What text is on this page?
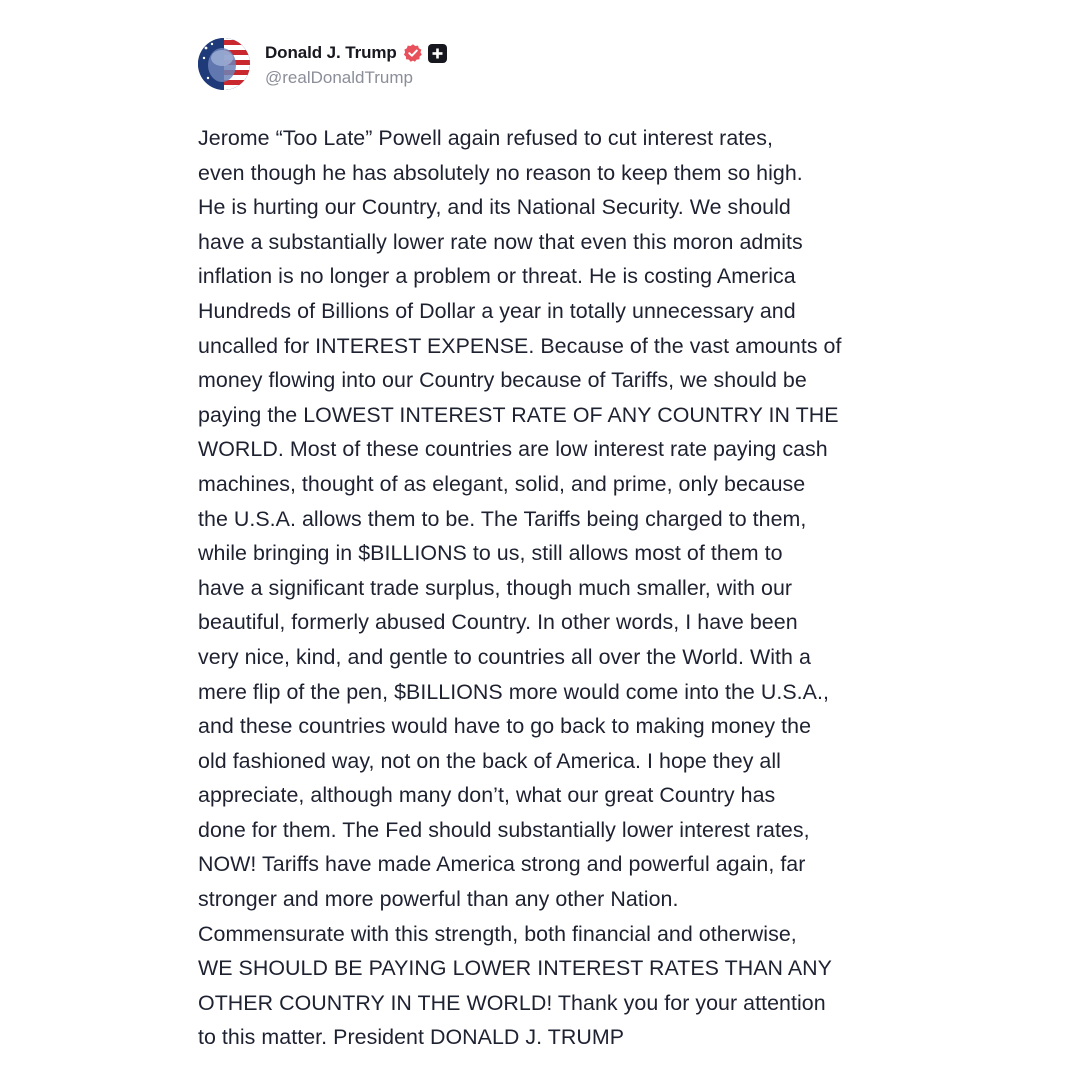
Donald J. Trump
@realDonaldTrump
Jerome “Too Late” Powell again refused to cut interest rates,
even though he has absolutely no reason to keep them so high.
He is hurting our Country, and its National Security. We should
have a substantially lower rate now that even this moron admits
inflation is no longer a problem or threat. He is costing America
Hundreds of Billions of Dollar a year in totally unnecessary and
uncalled for INTEREST EXPENSE. Because of the vast amounts of
money flowing into our Country because of Tariffs, we should be
paying the LOWEST INTEREST RATE OF ANY COUNTRY IN THE
WORLD. Most of these countries are low interest rate paying cash
machines, thought of as elegant, solid, and prime, only because
the U.S.A. allows them to be. The Tariffs being charged to them,
while bringing in $BILLIONS to us, still allows most of them to
have a significant trade surplus, though much smaller, with our
beautiful, formerly abused Country. In other words, I have been
very nice, kind, and gentle to countries all over the World. With a
mere flip of the pen, $BILLIONS more would come into the U.S.A.,
and these countries would have to go back to making money the
old fashioned way, not on the back of America. I hope they all
appreciate, although many don’t, what our great Country has
done for them. The Fed should substantially lower interest rates,
NOW! Tariffs have made America strong and powerful again, far
stronger and more powerful than any other Nation.
Commensurate with this strength, both financial and otherwise,
WE SHOULD BE PAYING LOWER INTEREST RATES THAN ANY
OTHER COUNTRY IN THE WORLD! Thank you for your attention
to this matter. President DONALD J. TRUMP
